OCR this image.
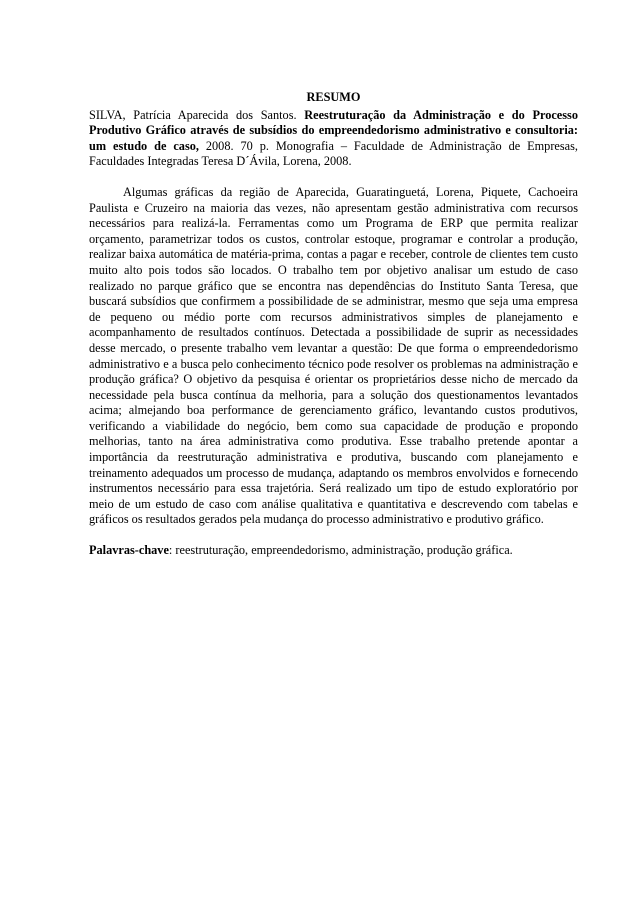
RESUMO

SILVA, Patrícia Aparecida dos Santos. Reestruturação da Administração e do Processo Produtivo Gráfico através de subsídios do empreendedorismo administrativo e consultoria: um estudo de caso, 2008. 70 p. Monografia – Faculdade de Administração de Empresas, Faculdades Integradas Teresa D´Ávila, Lorena, 2008.

Algumas gráficas da região de Aparecida, Guaratinguetá, Lorena, Piquete, Cachoeira Paulista e Cruzeiro na maioria das vezes, não apresentam gestão administrativa com recursos necessários para realizá-la. Ferramentas como um Programa de ERP que permita realizar orçamento, parametrizar todos os custos, controlar estoque, programar e controlar a produção, realizar baixa automática de matéria-prima, contas a pagar e receber, controle de clientes tem custo muito alto pois todos são locados. O trabalho tem por objetivo analisar um estudo de caso realizado no parque gráfico que se encontra nas dependências do Instituto Santa Teresa, que buscará subsídios que confirmem a possibilidade de se administrar, mesmo que seja uma empresa de pequeno ou médio porte com recursos administrativos simples de planejamento e acompanhamento de resultados contínuos. Detectada a possibilidade de suprir as necessidades desse mercado, o presente trabalho vem levantar a questão: De que forma o empreendedorismo administrativo e a busca pelo conhecimento técnico pode resolver os problemas na administração e produção gráfica? O objetivo da pesquisa é orientar os proprietários desse nicho de mercado da necessidade pela busca contínua da melhoria, para a solução dos questionamentos levantados acima; almejando boa performance de gerenciamento gráfico, levantando custos produtivos, verificando a viabilidade do negócio, bem como sua capacidade de produção e propondo melhorias, tanto na área administrativa como produtiva. Esse trabalho pretende apontar a importância da reestruturação administrativa e produtiva, buscando com planejamento e treinamento adequados um processo de mudança, adaptando os membros envolvidos e fornecendo instrumentos necessário para essa trajetória. Será realizado um tipo de estudo exploratório por meio de um estudo de caso com análise qualitativa e quantitativa e descrevendo com tabelas e gráficos os resultados gerados pela mudança do processo administrativo e produtivo gráfico.

Palavras-chave: reestruturação, empreendedorismo, administração, produção gráfica.
